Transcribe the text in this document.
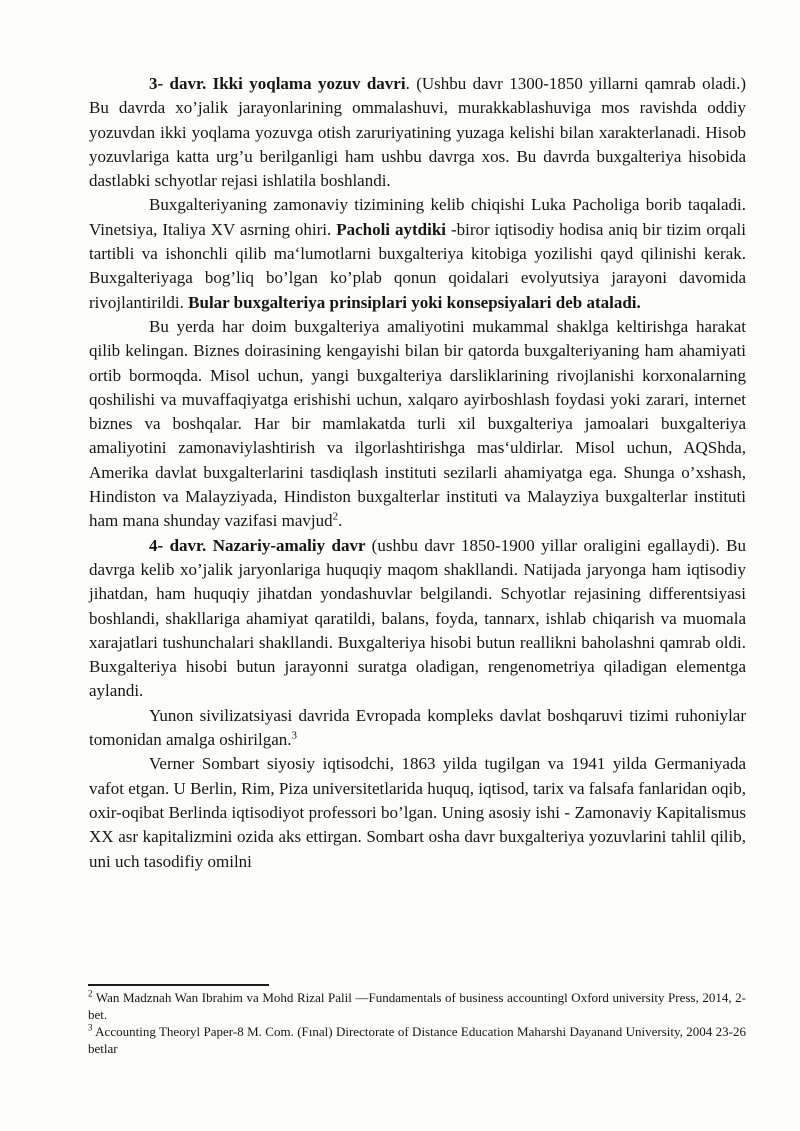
3- davr. Ikki yoqlama yozuv davri. (Ushbu davr 1300-1850 yillarni qamrab oladi.) Bu davrda xo’jalik jarayonlarining ommalashuvi, murakkablashuviga mos ravishda oddiy yozuvdan ikki yoqlama yozuvga otish zaruriyatining yuzaga kelishi bilan xarakterlanadi. Hisob yozuvlariga katta urg’u berilganligi ham ushbu davrga xos. Bu davrda buxgalteriya hisobida dastlabki schyotlar rejasi ishlatila boshlandi.

Buxgalteriyaning zamonaviy tizimining kelib chiqishi Luka Pacholiga borib taqaladi. Vinetsiya, Italiya XV asrning ohiri. Pacholi aytdiki -biror iqtisodiy hodisa aniq bir tizim orqali tartibli va ishonchli qilib ma‘lumotlarni buxgalteriya kitobiga yozilishi qayd qilinishi kerak. Buxgalteriyaga bog’liq bo’lgan ko’plab qonun qoidalari evolyutsiya jarayoni davomida rivojlantirildi. Bular buxgalteriya prinsiplari yoki konsepsiyalari deb ataladi.

Bu yerda har doim buxgalteriya amaliyotini mukammal shaklga keltirishga harakat qilib kelingan. Biznes doirasining kengayishi bilan bir qatorda buxgalteriyaning ham ahamiyati ortib bormoqda. Misol uchun, yangi buxgalteriya darsliklarining rivojlanishi korxonalarning qoshilishi va muvaffaqiyatga erishishi uchun, xalqaro ayirboshlash foydasi yoki zarari, internet biznes va boshqalar. Har bir mamlakatda turli xil buxgalteriya jamoalari buxgalteriya amaliyotini zamonaviylashtirish va ilgorlashtirishga mas‘uldirlar. Misol uchun, AQShda, Amerika davlat buxgalterlarini tasdiqlash instituti sezilarli ahamiyatga ega. Shunga o’xshash, Hindiston va Malayziyada, Hindiston buxgalterlar instituti va Malayziya buxgalterlar instituti ham mana shunday vazifasi mavjud$^2$.

4- davr. Nazariy-amaliy davr (ushbu davr 1850-1900 yillar oraligini egallaydi). Bu davrga kelib xo’jalik jaryonlariga huquqiy maqom shakllandi. Natijada jaryonga ham iqtisodiy jihatdan, ham huquqiy jihatdan yondashuvlar belgilandi. Schyotlar rejasining differentsiyasi boshlandi, shakllariga ahamiyat qaratildi, balans, foyda, tannarx, ishlab chiqarish va muomala xarajatlari tushunchalari shakllandi. Buxgalteriya hisobi butun reallikni baholashni qamrab oldi. Buxgalteriya hisobi butun jarayonni suratga oladigan, rengenometriya qiladigan elementga aylandi.

Yunon sivilizatsiyasi davrida Evropada kompleks davlat boshqaruvi tizimi ruhoniylar tomonidan amalga oshirilgan.$^3$

Verner Sombart siyosiy iqtisodchi, 1863 yilda tugilgan va 1941 yilda Germaniyada vafot etgan. U Berlin, Rim, Piza universitetlarida huquq, iqtisod, tarix va falsafa fanlaridan oqib, oxir-oqibat Berlinda iqtisodiyot professori bo’lgan. Uning asosiy ishi - Zamonaviy Kapitalismus XX asr kapitalizmini ozida aks ettirgan. Sombart osha davr buxgalteriya yozuvlarini tahlil qilib, uni uch tasodifiy omilni

$^2$ Wan Madznah Wan Ibrahim va Mohd Rizal Palil —Fundamentals of business accountingl Oxford university Press, 2014, 2-bet.

$^3$ Accounting Theoryl Paper-8 M. Com. (Fınal) Directorate of Distance Education Maharshi Dayanand University, 2004 23-26 betlar
